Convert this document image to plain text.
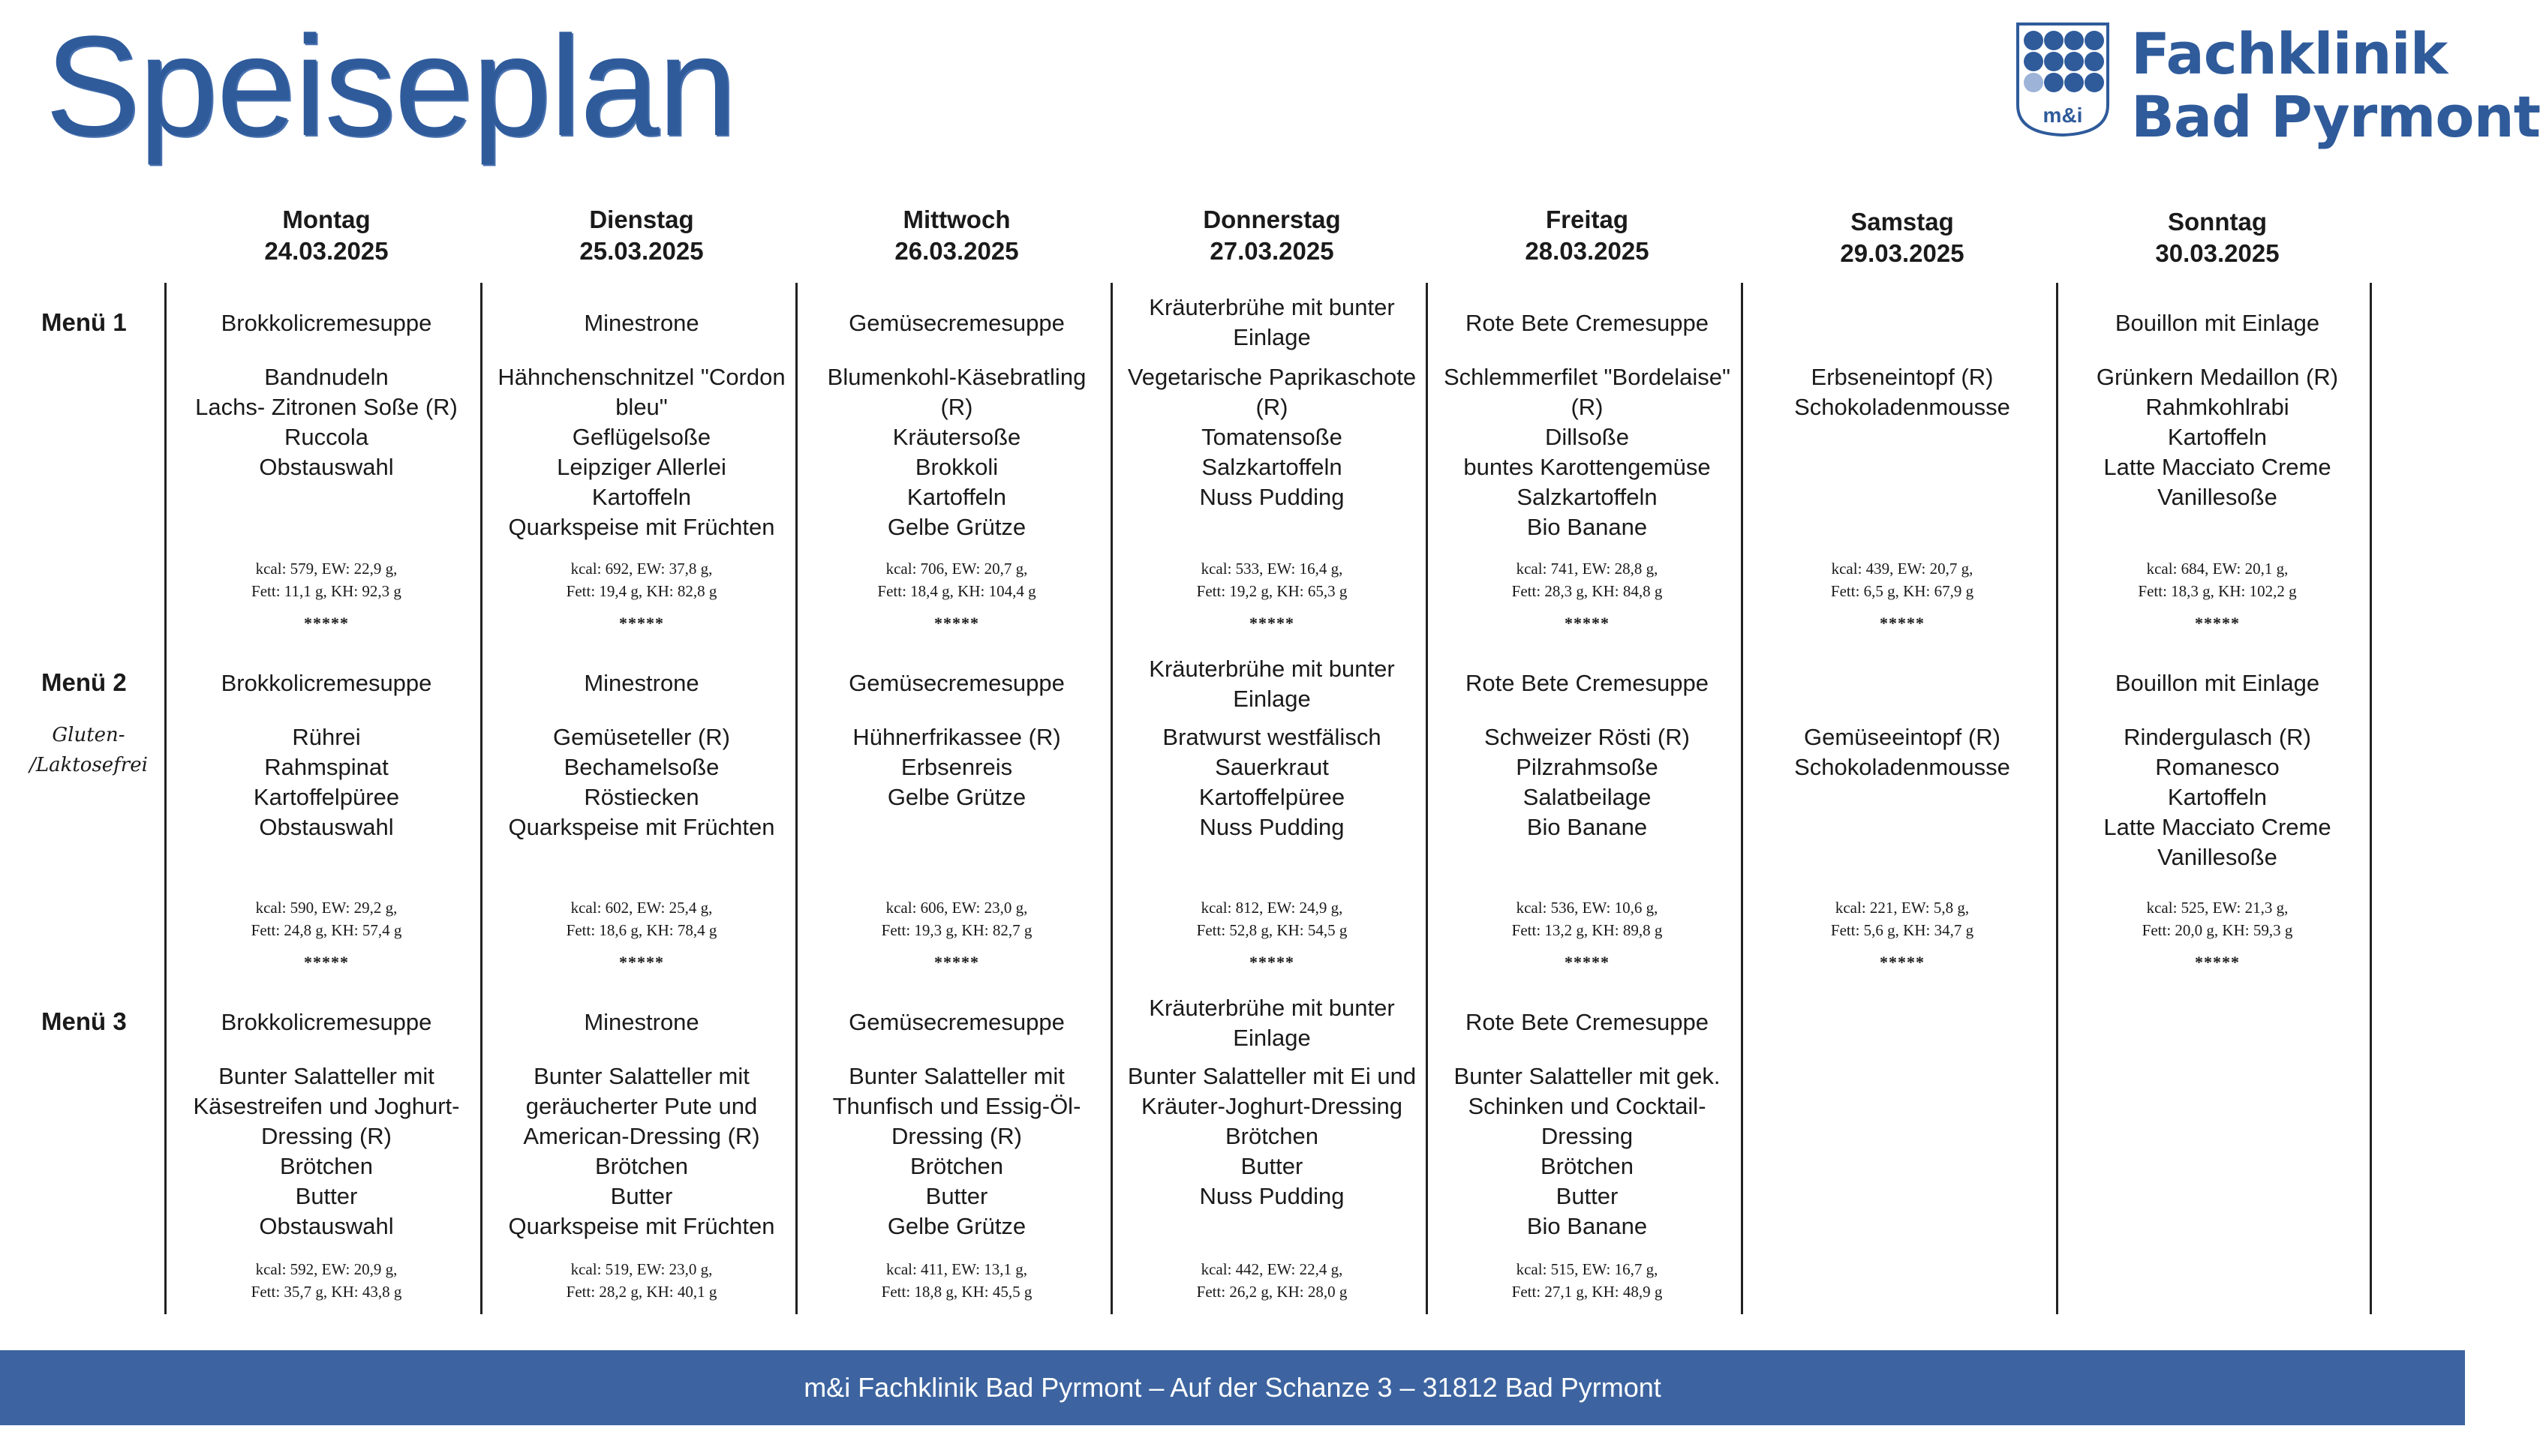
Speiseplan	m&i
Fachklinik
Bad Pyrmont
Montag
24.03.2025
Brokkolicremesuppe
Bandnudeln
Lachs- Zitronen Soße (R)
Ruccola
Obstauswahl
kcal: 579, EW: 22,9 g,
Fett: 11,1 g, KH: 92,3 g
*****
Brokkolicremesuppe
Rührei
Rahmspinat
Kartoffelpüree
Obstauswahl
kcal: 590, EW: 29,2 g,
Fett: 24,8 g, KH: 57,4 g
*****
Brokkolicremesuppe
Bunter Salatteller mit
Käsestreifen und Joghurt-
Dressing (R)
Brötchen
Butter
Obstauswahl
kcal: 592, EW: 20,9 g,
Fett: 35,7 g, KH: 43,8 g
Dienstag
25.03.2025
Minestrone
Hähnchenschnitzel "Cordon
bleu"
Geflügelsoße
Leipziger Allerlei
Kartoffeln
Quarkspeise mit Früchten
kcal: 692, EW: 37,8 g,
Fett: 19,4 g, KH: 82,8 g
*****
Minestrone
Gemüseteller (R)
Bechamelsoße
Röstiecken
Quarkspeise mit Früchten
kcal: 602, EW: 25,4 g,
Fett: 18,6 g, KH: 78,4 g
*****
Minestrone
Bunter Salatteller mit
geräucherter Pute und
American-Dressing (R)
Brötchen
Butter
Quarkspeise mit Früchten
kcal: 519, EW: 23,0 g,
Fett: 28,2 g, KH: 40,1 g
Mittwoch
26.03.2025
Gemüsecremesuppe
Blumenkohl-Käsebratling
(R)
Kräutersoße
Brokkoli
Kartoffeln
Gelbe Grütze
kcal: 706, EW: 20,7 g,
Fett: 18,4 g, KH: 104,4 g
*****
Gemüsecremesuppe
Hühnerfrikassee (R)
Erbsenreis
Gelbe Grütze
kcal: 606, EW: 23,0 g,
Fett: 19,3 g, KH: 82,7 g
*****
Gemüsecremesuppe
Bunter Salatteller mit
Thunfisch und Essig-Öl-
Dressing (R)
Brötchen
Butter
Gelbe Grütze
kcal: 411, EW: 13,1 g,
Fett: 18,8 g, KH: 45,5 g
Donnerstag
27.03.2025
Kräuterbrühe mit bunter
Einlage
Vegetarische Paprikaschote
(R)
Tomatensoße
Salzkartoffeln
Nuss Pudding
kcal: 533, EW: 16,4 g,
Fett: 19,2 g, KH: 65,3 g
*****
Kräuterbrühe mit bunter
Einlage
Bratwurst westfälisch
Sauerkraut
Kartoffelpüree
Nuss Pudding
kcal: 812, EW: 24,9 g,
Fett: 52,8 g, KH: 54,5 g
*****
Kräuterbrühe mit bunter
Einlage
Bunter Salatteller mit Ei und
Kräuter-Joghurt-Dressing
Brötchen
Butter
Nuss Pudding
kcal: 442, EW: 22,4 g,
Fett: 26,2 g, KH: 28,0 g
Freitag
28.03.2025
Rote Bete Cremesuppe
Schlemmerfilet "Bordelaise"
(R)
Dillsoße
buntes Karottengemüse
Salzkartoffeln
Bio Banane
kcal: 741, EW: 28,8 g,
Fett: 28,3 g, KH: 84,8 g
*****
Rote Bete Cremesuppe
Schweizer Rösti (R)
Pilzrahmsoße
Salatbeilage
Bio Banane
kcal: 536, EW: 10,6 g,
Fett: 13,2 g, KH: 89,8 g
*****
Rote Bete Cremesuppe
Bunter Salatteller mit gek.
Schinken und Cocktail-
Dressing
Brötchen
Butter
Bio Banane
kcal: 515, EW: 16,7 g,
Fett: 27,1 g, KH: 48,9 g
Samstag
29.03.2025
Erbseneintopf (R)
Schokoladenmousse
kcal: 439, EW: 20,7 g,
Fett: 6,5 g, KH: 67,9 g
*****
Gemüseeintopf (R)
Schokoladenmousse
kcal: 221, EW: 5,8 g,
Fett: 5,6 g, KH: 34,7 g
*****
Sonntag
30.03.2025
Bouillon mit Einlage
Grünkern Medaillon (R)
Rahmkohlrabi
Kartoffeln
Latte Macciato Creme
Vanillesoße
kcal: 684, EW: 20,1 g,
Fett: 18,3 g, KH: 102,2 g
*****
Bouillon mit Einlage
Rindergulasch (R)
Romanesco
Kartoffeln
Latte Macciato Creme
Vanillesoße
kcal: 525, EW: 21,3 g,
Fett: 20,0 g, KH: 59,3 g
*****
Menü 1
Menü 2
Menü 3
Gluten-
/Laktosefrei
m&i Fachklinik Bad Pyrmont – Auf der Schanze 3 – 31812 Bad Pyrmont
